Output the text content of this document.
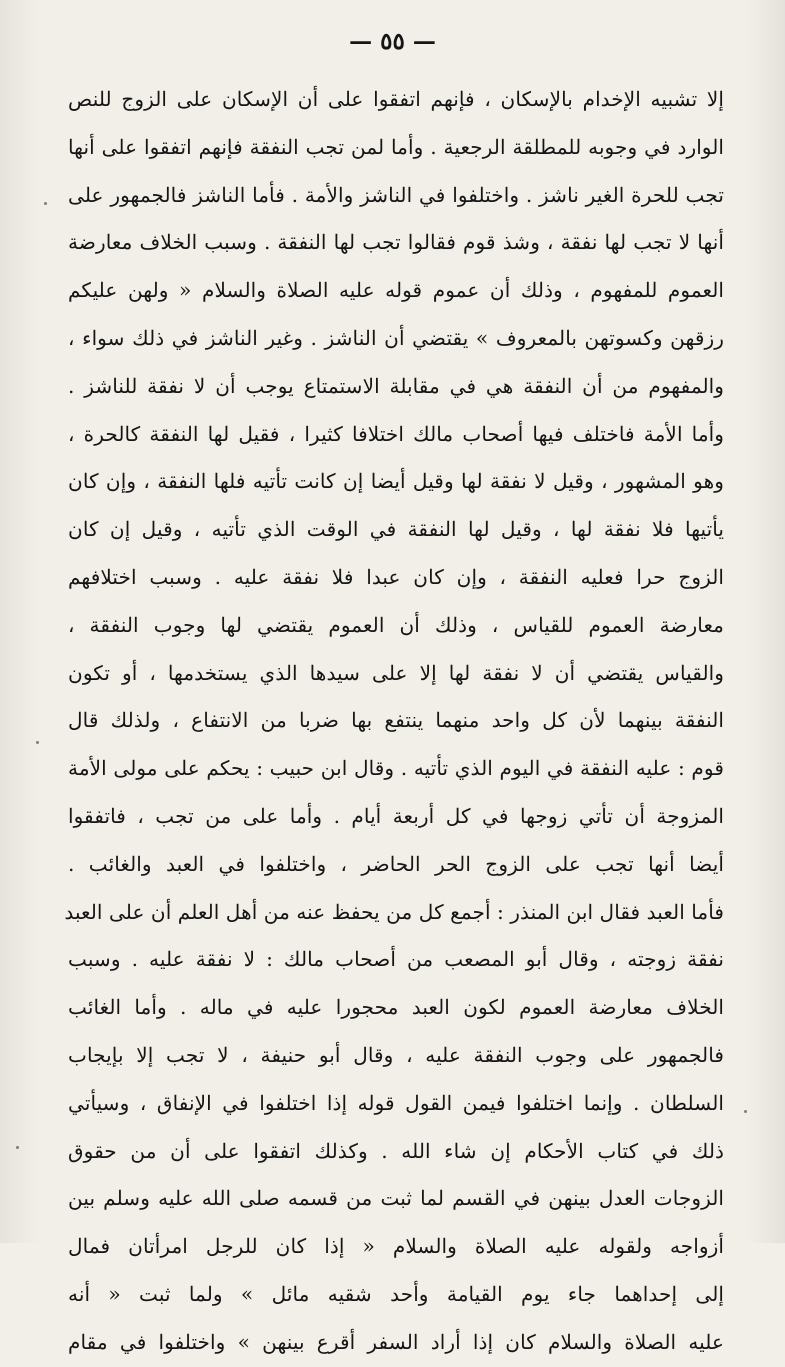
— ٥٥ —
إلا تشبيه الإخدام بالإسكان ، فإنهم اتفقوا على أن الإسكان على الزوج للنص
الوارد في وجوبه للمطلقة الرجعية . وأما لمن تجب النفقة فإنهم اتفقوا على أنها
تجب للحرة الغير ناشز . واختلفوا في الناشز والأمة . فأما الناشز فالجمهور على
أنها لا تجب لها نفقة ، وشذ قوم فقالوا تجب لها النفقة . وسبب الخلاف معارضة
العموم للمفهوم ، وذلك أن عموم قوله عليه الصلاة والسلام « ولهن عليكم
رزقهن وكسوتهن بالمعروف » يقتضي أن الناشز . وغير الناشز في ذلك سواء ،
والمفهوم من أن النفقة هي في مقابلة الاستمتاع يوجب أن لا نفقة للناشز .
وأما الأمة فاختلف فيها أصحاب مالك اختلافا كثيرا ، فقيل لها النفقة كالحرة ،
وهو المشهور ، وقيل لا نفقة لها وقيل أيضا إن كانت تأتيه فلها النفقة ، وإن كان
يأتيها فلا نفقة لها ، وقيل لها النفقة في الوقت الذي تأتيه ، وقيل إن كان
الزوج حرا فعليه النفقة ، وإن كان عبدا فلا نفقة عليه . وسبب اختلافهم
معارضة العموم للقياس ، وذلك أن العموم يقتضي لها وجوب النفقة ،
والقياس يقتضي أن لا نفقة لها إلا على سيدها الذي يستخدمها ، أو تكون
النفقة بينهما لأن كل واحد منهما ينتفع بها ضربا من الانتفاع ، ولذلك قال
قوم : عليه النفقة في اليوم الذي تأتيه . وقال ابن حبيب : يحكم على مولى الأمة
المزوجة أن تأتي زوجها في كل أربعة أيام . وأما على من تجب ، فاتفقوا
أيضا أنها تجب على الزوج الحر الحاضر ، واختلفوا في العبد والغائب .
فأما العبد فقال ابن المنذر : أجمع كل من يحفظ عنه من أهل العلم أن على العبد
نفقة زوجته ، وقال أبو المصعب من أصحاب مالك : لا نفقة عليه . وسبب
الخلاف معارضة العموم لكون العبد محجورا عليه في ماله . وأما الغائب
فالجمهور على وجوب النفقة عليه ، وقال أبو حنيفة ، لا تجب إلا بإيجاب
السلطان . وإنما اختلفوا فيمن القول قوله إذا اختلفوا في الإنفاق ، وسيأتي
ذلك في كتاب الأحكام إن شاء الله . وكذلك اتفقوا على أن من حقوق
الزوجات العدل بينهن في القسم لما ثبت من قسمه صلى الله عليه وسلم بين
أزواجه ولقوله عليه الصلاة والسلام « إذا كان للرجل امرأتان فمال
إلى إحداهما جاء يوم القيامة وأحد شقيه مائل » ولما ثبت « أنه
عليه الصلاة والسلام كان إذا أراد السفر أقرع بينهن » واختلفوا في مقام
